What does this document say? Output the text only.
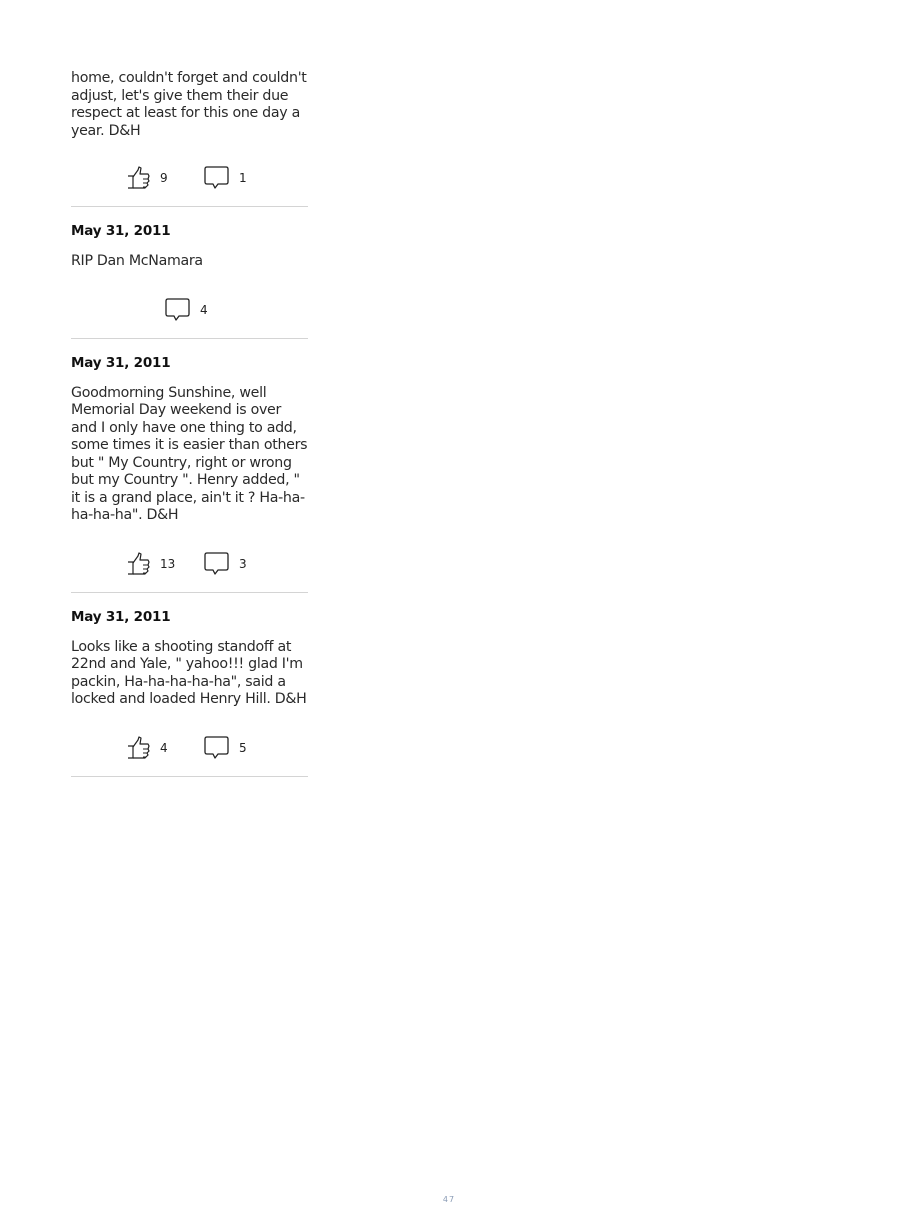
home, couldn't forget and couldn't adjust, let's give them their due respect at least for this one day a year. D&H

9	1
May 31, 2011

RIP Dan McNamara

4
May 31, 2011

Goodmorning Sunshine, well Memorial Day weekend is over and I only have one thing to add, some times it is easier than others but " My Country, right or wrong but my Country ". Henry added, " it is a grand place, ain't it ? Ha-ha-ha-ha-ha". D&H

13	3
May 31, 2011

Looks like a shooting standoff at 22nd and Yale, " yahoo!!! glad I'm packin, Ha-ha-ha-ha-ha", said a locked and loaded Henry Hill. D&H

4	5
47
